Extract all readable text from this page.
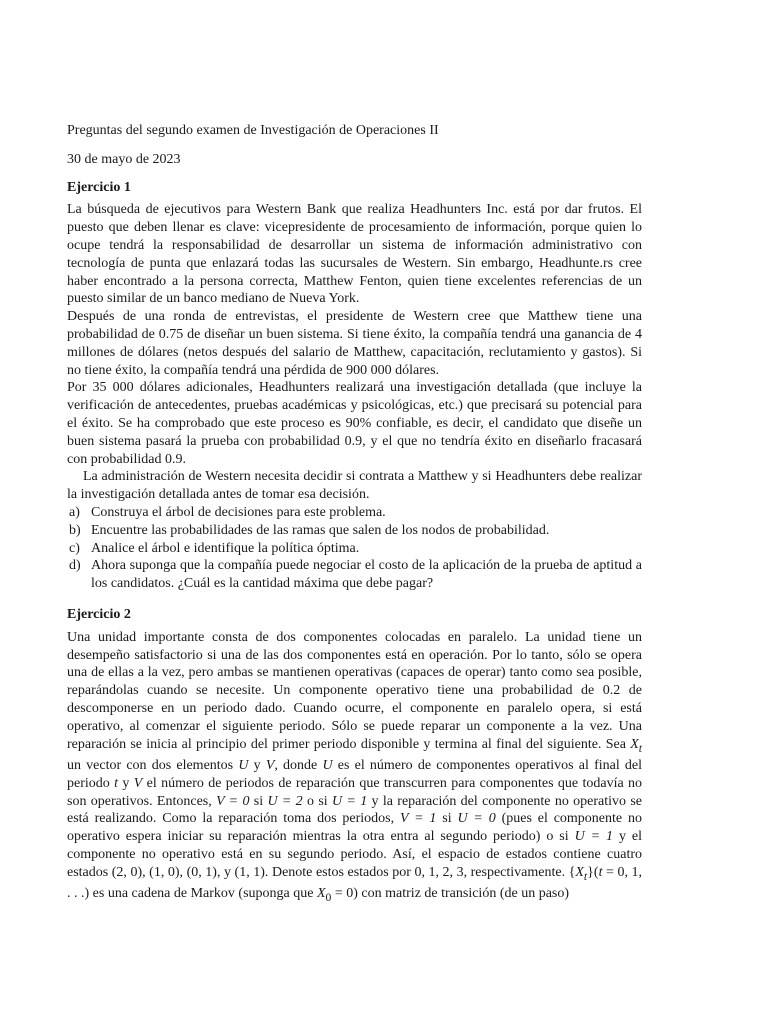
Preguntas del segundo examen de Investigación de Operaciones II

30 de mayo de 2023

Ejercicio 1

La búsqueda de ejecutivos para Western Bank que realiza Headhunters Inc. está por dar frutos. El puesto que deben llenar es clave: vicepresidente de procesamiento de información, porque quien lo ocupe tendrá la responsabilidad de desarrollar un sistema de información administrativo con tecnología de punta que enlazará todas las sucursales de Western. Sin embargo, Headhunte.rs cree haber encontrado a la persona correcta, Matthew Fenton, quien tiene excelentes referencias de un puesto similar de un banco mediano de Nueva York.

Después de una ronda de entrevistas, el presidente de Western cree que Matthew tiene una probabilidad de 0.75 de diseñar un buen sistema. Si tiene éxito, la compañía tendrá una ganancia de 4 millones de dólares (netos después del salario de Matthew, capacitación, reclutamiento y gastos). Si no tiene éxito, la compañía tendrá una pérdida de 900 000 dólares.

Por 35 000 dólares adicionales, Headhunters realizará una investigación detallada (que incluye la verificación de antecedentes, pruebas académicas y psicológicas, etc.) que precisará su potencial para el éxito. Se ha comprobado que este proceso es 90% confiable, es decir, el candidato que diseñe un buen sistema pasará la prueba con probabilidad 0.9, y el que no tendría éxito en diseñarlo fracasará con probabilidad 0.9.

La administración de Western necesita decidir si contrata a Matthew y si Headhunters debe realizar la investigación detallada antes de tomar esa decisión.

a) Construya el árbol de decisiones para este problema.
b) Encuentre las probabilidades de las ramas que salen de los nodos de probabilidad.
c) Analice el árbol e identifique la política óptima.
d) Ahora suponga que la compañía puede negociar el costo de la aplicación de la prueba de aptitud a los candidatos. ¿Cuál es la cantidad máxima que debe pagar?

Ejercicio 2

Una unidad importante consta de dos componentes colocadas en paralelo. La unidad tiene un desempeño satisfactorio si una de las dos componentes está en operación. Por lo tanto, sólo se opera una de ellas a la vez, pero ambas se mantienen operativas (capaces de operar) tanto como sea posible, reparándolas cuando se necesite. Un componente operativo tiene una probabilidad de 0.2 de descomponerse en un periodo dado. Cuando ocurre, el componente en paralelo opera, si está operativo, al comenzar el siguiente periodo. Sólo se puede reparar un componente a la vez. Una reparación se inicia al principio del primer periodo disponible y termina al final del siguiente. Sea $X_t$ un vector con dos elementos U y V, donde U es el número de componentes operativos al final del periodo t y V el número de periodos de reparación que transcurren para componentes que todavía no son operativos. Entonces, V = 0 si U = 2 o si U = 1 y la reparación del componente no operativo se está realizando. Como la reparación toma dos periodos, V = 1 si U = 0 (pues el componente no operativo espera iniciar su reparación mientras la otra entra al segundo periodo) o si U = 1 y el componente no operativo está en su segundo periodo. Así, el espacio de estados contiene cuatro estados (2, 0), (1, 0), (0, 1), y (1, 1). Denote estos estados por 0, 1, 2, 3, respectivamente. $\{X_t\}(t = 0$, 1, . . .) es una cadena de Markov (suponga que $X_0 = 0$) con matriz de transición (de un paso)
